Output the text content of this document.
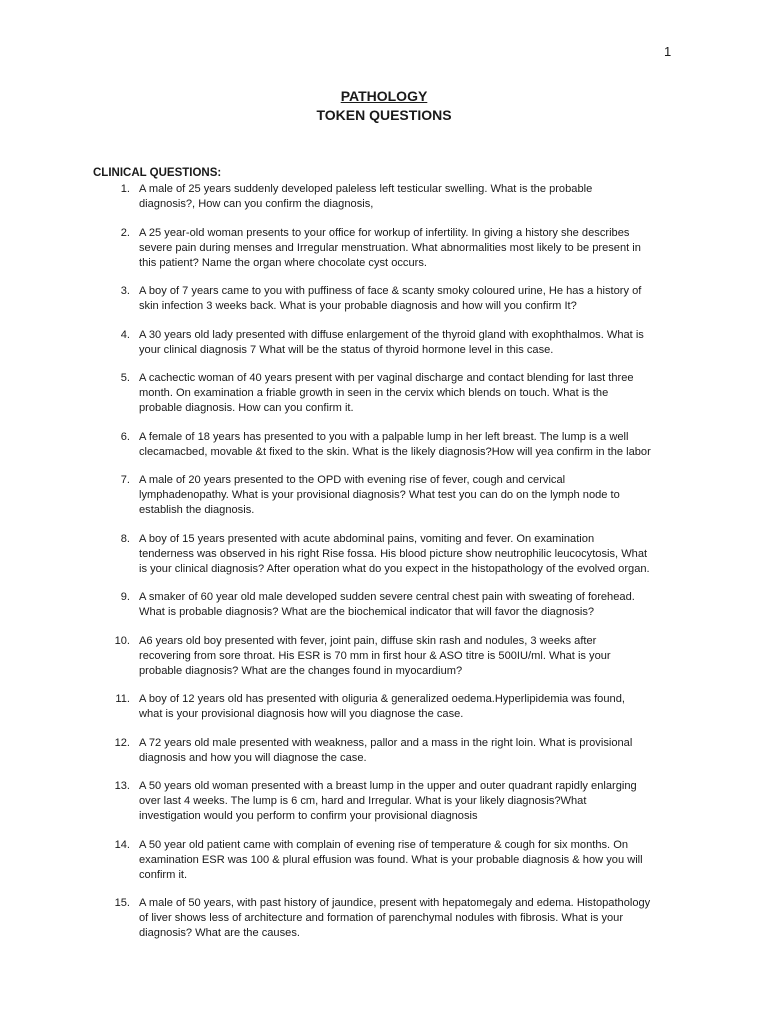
1
PATHOLOGY
TOKEN QUESTIONS
CLINICAL QUESTIONS:
1. A male of 25 years suddenly developed paleless left testicular swelling. What is the probable
diagnosis?, How can you confirm the diagnosis,
2. A 25 year-old woman presents to your office for workup of infertility. In giving a history she describes
severe pain during menses and Irregular menstruation. What abnormalities most likely to be present in
this patient? Name the organ where chocolate cyst occurs.
3. A boy of 7 years came to you with puffiness of face & scanty smoky coloured urine, He has a history of
skin infection 3 weeks back. What is your probable diagnosis and how will you confirm It?
4. A 30 years old lady presented with diffuse enlargement of the thyroid gland with exophthalmos. What is
your clinical diagnosis 7 What will be the status of thyroid hormone level in this case.
5. A cachectic woman of 40 years present with per vaginal discharge and contact blending for last three
month. On examination a friable growth in seen in the cervix which blends on touch. What is the
probable diagnosis. How can you confirm it.
6. A female of 18 years has presented to you with a palpable lump in her left breast. The lump is a well
clecamacbed, movable &t fixed to the skin. What is the likely diagnosis?How will yea confirm in the labor
7. A male of 20 years presented to the OPD with evening rise of fever, cough and cervical
lymphadenopathy. What is your provisional diagnosis? What test you can do on the lymph node to
establish the diagnosis.
8. A boy of 15 years presented with acute abdominal pains, vomiting and fever. On examination
tenderness was observed in his right Rise fossa. His blood picture show neutrophilic leucocytosis, What
is your clinical diagnosis? After operation what do you expect in the histopathology of the evolved organ.
9. A smaker of 60 year old male developed sudden severe central chest pain with sweating of forehead.
What is probable diagnosis? What are the biochemical indicator that will favor the diagnosis?
10. A6 years old boy presented with fever, joint pain, diffuse skin rash and nodules, 3 weeks after
recovering from sore throat. His ESR is 70 mm in first hour & ASO titre is 500IU/ml. What is your
probable diagnosis? What are the changes found in myocardium?
11. A boy of 12 years old has presented with oliguria & generalized oedema.Hyperlipidemia was found,
what is your provisional diagnosis how will you diagnose the case.
12. A 72 years old male presented with weakness, pallor and a mass in the right loin. What is provisional
diagnosis and how you will diagnose the case.
13. A 50 years old woman presented with a breast lump in the upper and outer quadrant rapidly enlarging
over last 4 weeks. The lump is 6 cm, hard and Irregular. What is your likely diagnosis?What
investigation would you perform to confirm your provisional diagnosis
14. A 50 year old patient came with complain of evening rise of temperature & cough for six months. On
examination ESR was 100 & plural effusion was found. What is your probable diagnosis & how you will
confirm it.
15. A male of 50 years, with past history of jaundice, present with hepatomegaly and edema. Histopathology
of liver shows less of architecture and formation of parenchymal nodules with fibrosis. What is your
diagnosis? What are the causes.
